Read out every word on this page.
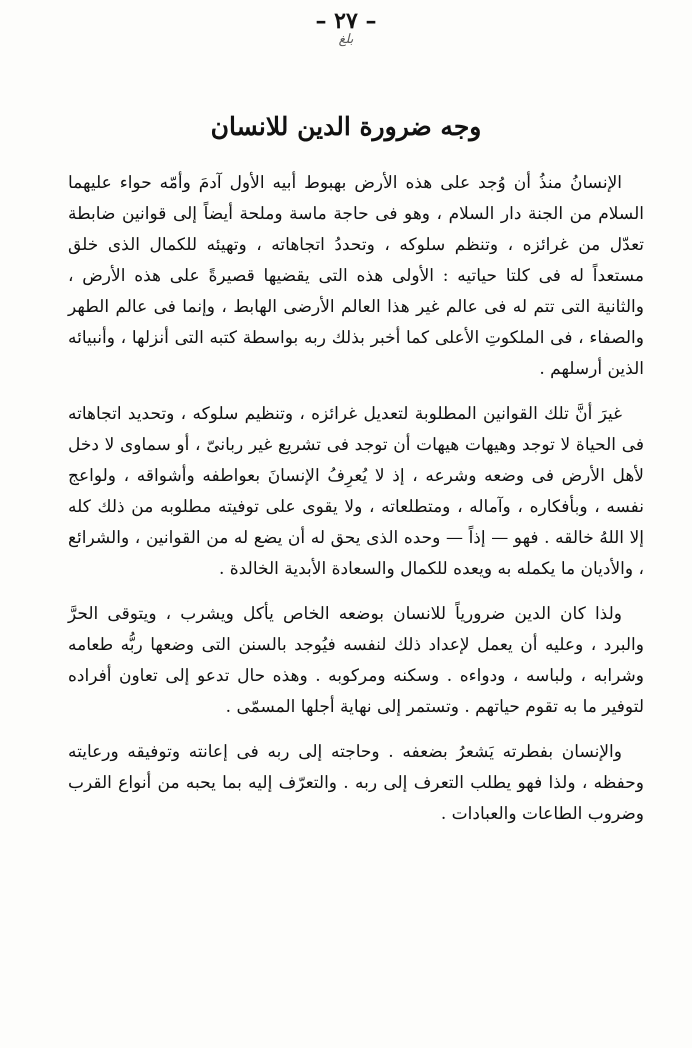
– ٢٧ –
بلغ
وجه ضرورة الدين للانسان

الإنسانُ منذُ أن وُجد على هذه الأرض بهبوط أبيه الأول آدمَ وأمّه حواء عليهما السلام من الجنة دار السلام ، وهو فى حاجة ماسة وملحة أيضاً إلى قوانين ضابطة تعدّل من غرائزه ، وتنظم سلوكه ، وتحددُ اتجاهاته ، وتهيئه للكمال الذى خلق مستعداً له فى كلتا حياتيه : الأولى هذه التى يقضيها قصيرةً على هذه الأرض ، والثانية التى تتم له فى عالم غير هذا العالم الأرضى الهابط ، وإنما فى عالم الطهر والصفاء ، فى الملكوتِ الأعلى كما أخبر بذلك ربه بواسطة كتبه التى أنزلها ، وأنبيائه الذين أرسلهم .

غيرَ أنَّ تلك القوانين المطلوبة لتعديل غرائزه ، وتنظيم سلوكه ، وتحديد اتجاهاته فى الحياة لا توجد وهيهات هيهات أن توجد فى تشريع غير ربانىّ ، أو سماوى لا دخل لأهل الأرض فى وضعه وشرعه ، إذ لا يُعرِفُ الإنسانَ بعواطفه وأشواقه ، ولواعج نفسه ، وبأفكاره ، وآماله ، ومتطلعاته ، ولا يقوى على توفيته مطلوبه من ذلك كله إلا اللهُ خالقه . فهو — إذاً — وحده الذى يحق له أن يضع له من القوانين ، والشرائع ، والأديان ما يكمله به ويعده للكمال والسعادة الأبدية الخالدة .

ولذا كان الدين ضرورياً للانسان بوضعه الخاص يأكل ويشرب ، ويتوقى الحرَّ والبرد ، وعليه أن يعمل لإعداد ذلك لنفسه فيُوجد بالسنن التى وضعها ربُّه طعامه وشرابه ، ولباسه ، ودواءه . وسكنه ومركوبه . وهذه حال تدعو إلى تعاون أفراده لتوفير ما به تقوم حياتهم . وتستمر إلى نهاية أجلها المسمّى .

والإنسان بفطرته يَشعرُ بضعفه . وحاجته إلى ربه فى إعانته وتوفيقه ورعايته وحفظه ، ولذا فهو يطلب التعرف إلى ربه . والتعرّف إليه بما يحبه من أنواع القرب وضروب الطاعات والعبادات .
